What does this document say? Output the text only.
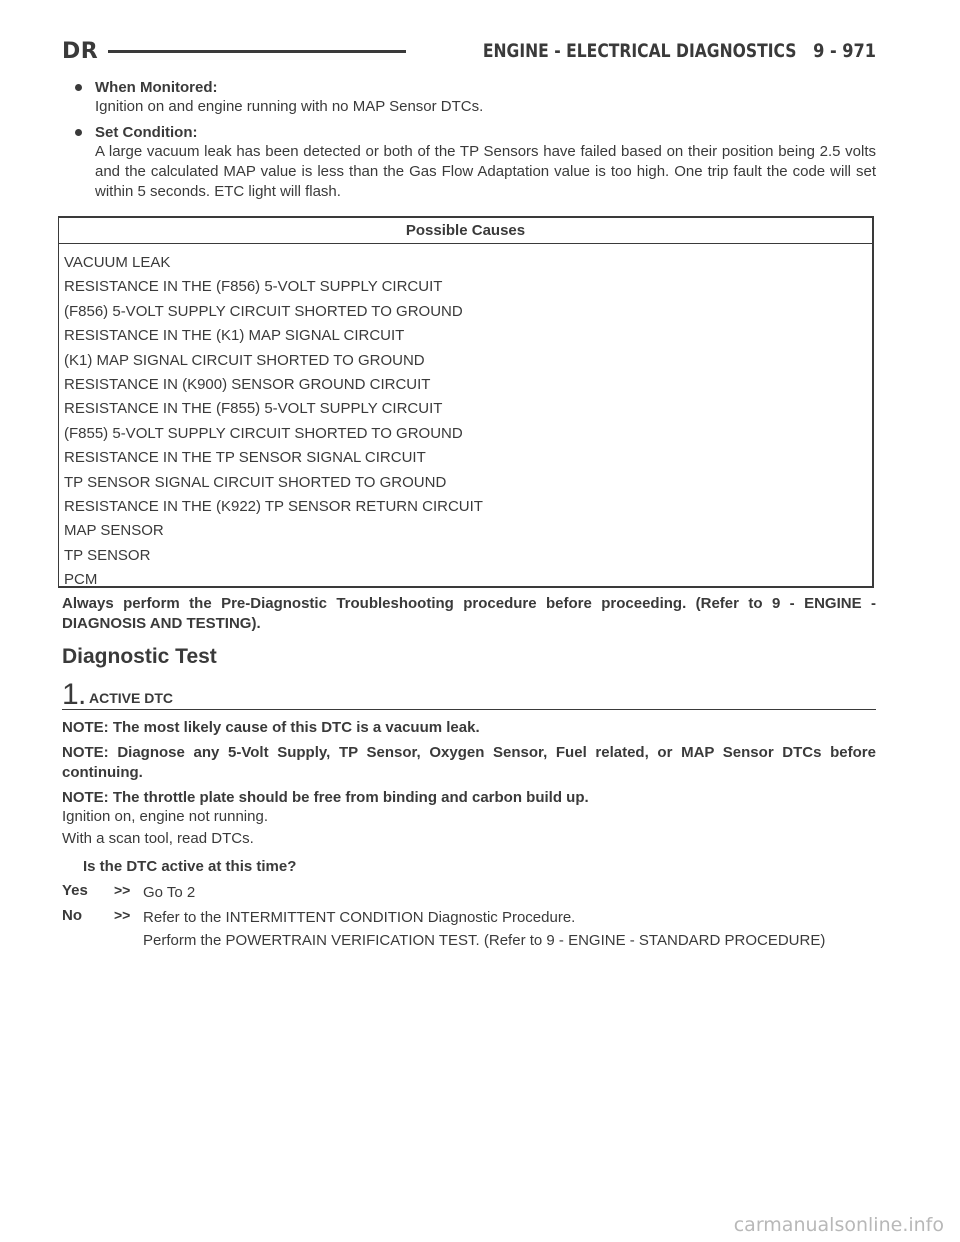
DR	ENGINE - ELECTRICAL DIAGNOSTICS 9 - 971
When Monitored:
Ignition on and engine running with no MAP Sensor DTCs.
Set Condition:
A large vacuum leak has been detected or both of the TP Sensors have failed based on their position being 2.5 volts and the calculated MAP value is less than the Gas Flow Adaptation value is too high. One trip fault the code will set within 5 seconds. ETC light will flash.
Possible Causes
VACUUM LEAK
RESISTANCE IN THE (F856) 5-VOLT SUPPLY CIRCUIT
(F856) 5-VOLT SUPPLY CIRCUIT SHORTED TO GROUND
RESISTANCE IN THE (K1) MAP SIGNAL CIRCUIT
(K1) MAP SIGNAL CIRCUIT SHORTED TO GROUND
RESISTANCE IN (K900) SENSOR GROUND CIRCUIT
RESISTANCE IN THE (F855) 5-VOLT SUPPLY CIRCUIT
(F855) 5-VOLT SUPPLY CIRCUIT SHORTED TO GROUND
RESISTANCE IN THE TP SENSOR SIGNAL CIRCUIT
TP SENSOR SIGNAL CIRCUIT SHORTED TO GROUND
RESISTANCE IN THE (K922) TP SENSOR RETURN CIRCUIT
MAP SENSOR
TP SENSOR
PCM
Always perform the Pre-Diagnostic Troubleshooting procedure before proceeding. (Refer to 9 - ENGINE - DIAGNOSIS AND TESTING).
Diagnostic Test
1 . ACTIVE DTC
NOTE: The most likely cause of this DTC is a vacuum leak.
NOTE: Diagnose any 5-Volt Supply, TP Sensor, Oxygen Sensor, Fuel related, or MAP Sensor DTCs before continuing.
NOTE: The throttle plate should be free from binding and carbon build up.
Ignition on, engine not running.
With a scan tool, read DTCs.
Is the DTC active at this time?
Yes >> Go To 2
No >> Refer to the INTERMITTENT CONDITION Diagnostic Procedure.
Perform the POWERTRAIN VERIFICATION TEST. (Refer to 9 - ENGINE - STANDARD PROCEDURE)
carmanualsonline.info
